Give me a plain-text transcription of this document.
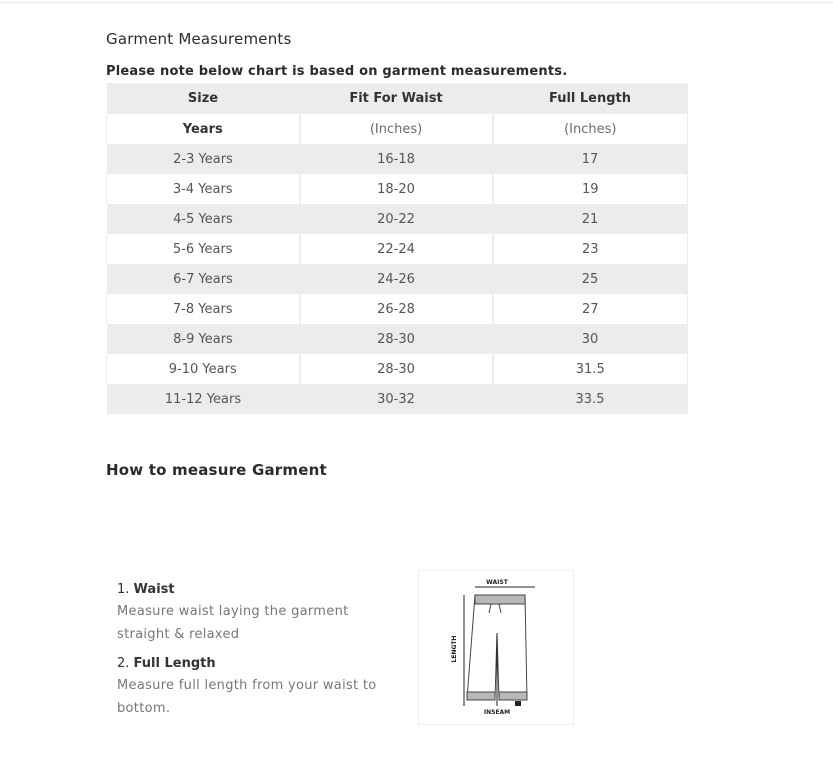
Garment Measurements

Please note below chart is based on garment measurements.

Size	Fit For Waist	Full Length
Years	(Inches)	(Inches)
2-3 Years	16-18	17
3-4 Years	18-20	19
4-5 Years	20-22	21
5-6 Years	22-24	23
6-7 Years	24-26	25
7-8 Years	26-28	27
8-9 Years	28-30	30
9-10 Years	28-30	31.5
11-12 Years	30-32	33.5
How to measure Garment
1. Waist
Measure waist laying the garment straight & relaxed
2. Full Length
Measure full length from your waist to bottom.
WAIST
LENGTH
INSEAM
